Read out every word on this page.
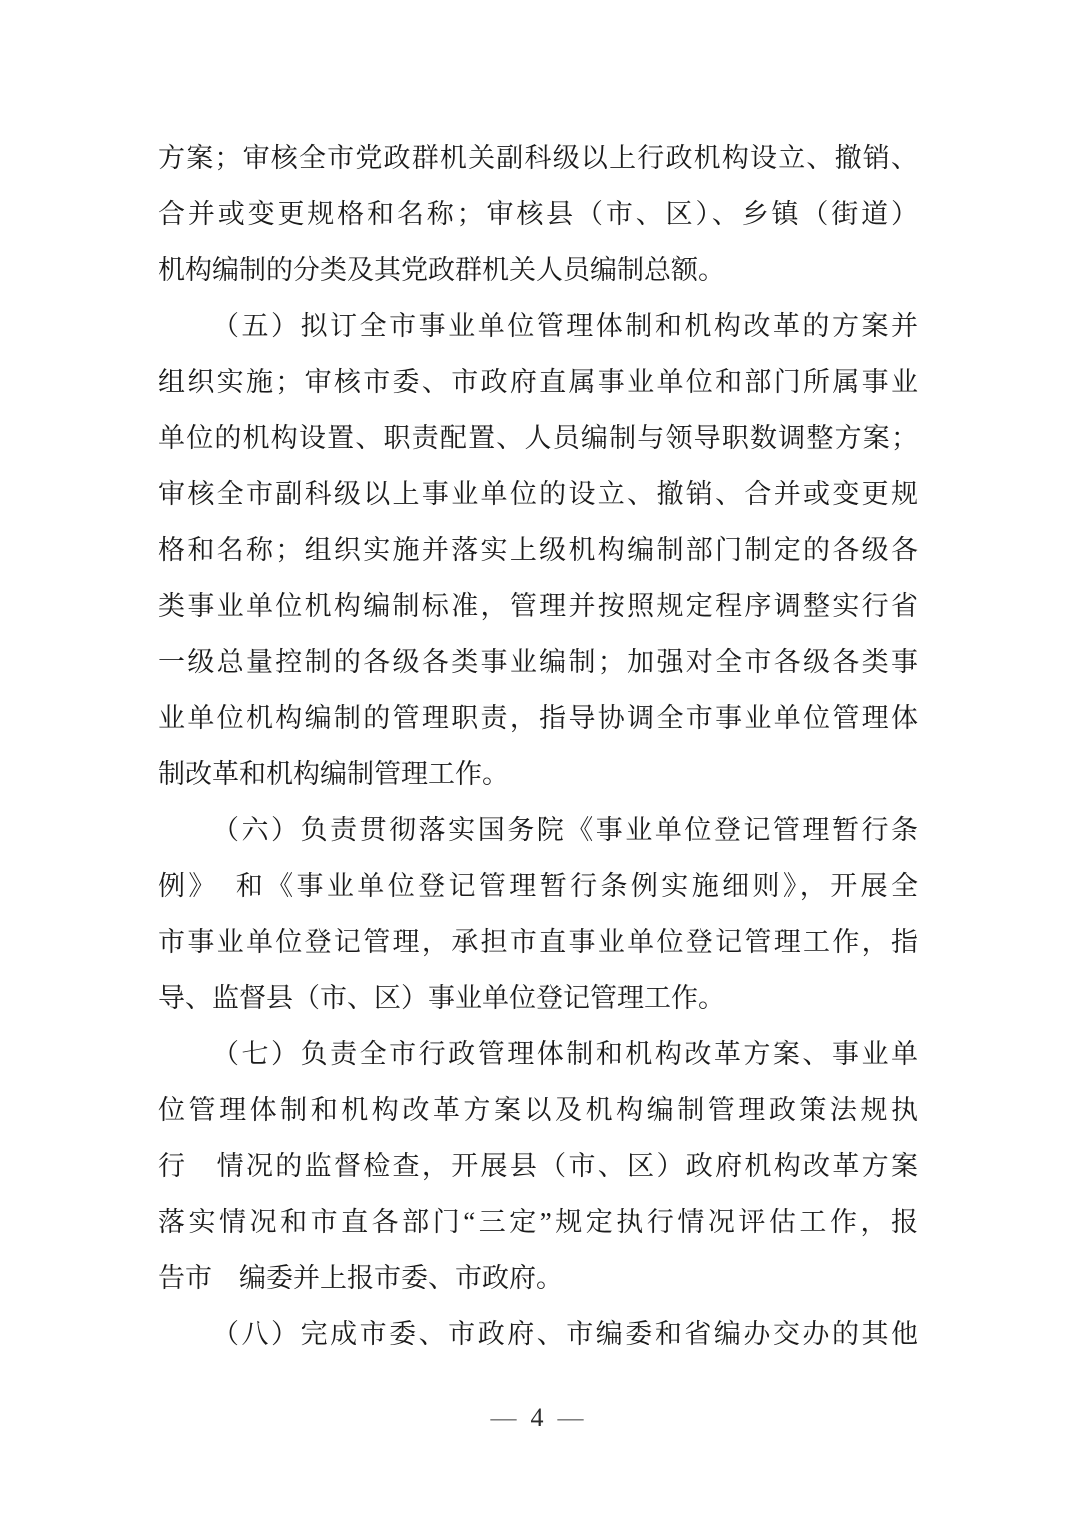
方案；审核全市党政群机关副科级以上行政机构设立、撤销、
合并或变更规格和名称；审核县（市、区）、乡镇（街道）
机构编制的分类及其党政群机关人员编制总额。
（五）拟订全市事业单位管理体制和机构改革的方案并
组织实施；审核市委、市政府直属事业单位和部门所属事业
单位的机构设置、职责配置、人员编制与领导职数调整方案；
审核全市副科级以上事业单位的设立、撤销、合并或变更规
格和名称；组织实施并落实上级机构编制部门制定的各级各
类事业单位机构编制标准，管理并按照规定程序调整实行省
一级总量控制的各级各类事业编制；加强对全市各级各类事
业单位机构编制的管理职责，指导协调全市事业单位管理体
制改革和机构编制管理工作。
（六）负责贯彻落实国务院《事业单位登记管理暂行条
例》　和《事业单位登记管理暂行条例实施细则》，开展全
市事业单位登记管理，承担市直事业单位登记管理工作，指
导、监督县（市、区）事业单位登记管理工作。
（七）负责全市行政管理体制和机构改革方案、事业单
位管理体制和机构改革方案以及机构编制管理政策法规执
行　情况的监督检查，开展县（市、区）政府机构改革方案
落实情况和市直各部门“三定”规定执行情况评估工作，报
告市　编委并上报市委、市政府。
（八）完成市委、市政府、市编委和省编办交办的其他
— 4 —
